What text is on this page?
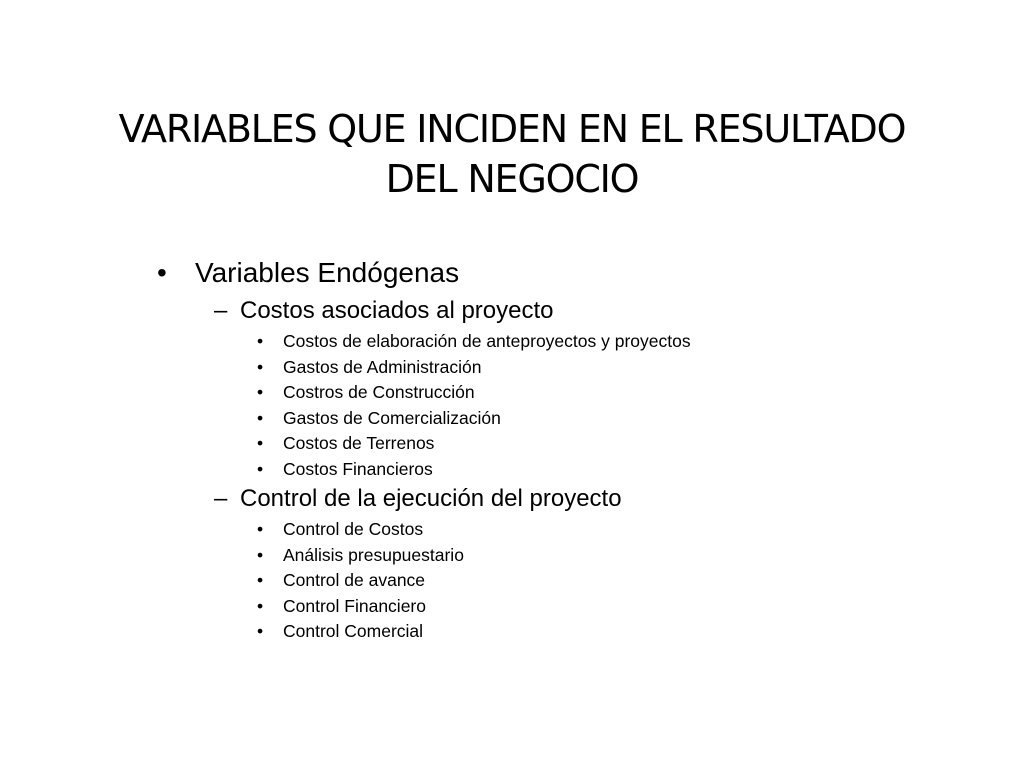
VARIABLES QUE INCIDEN EN EL RESULTADO
DEL NEGOCIO
• Variables Endógenas
– Costos asociados al proyecto
• Costos de elaboración de anteproyectos y proyectos
• Gastos de Administración
• Costros de Construcción
• Gastos de Comercialización
• Costos de Terrenos
• Costos Financieros
– Control de la ejecución del proyecto
• Control de Costos
• Análisis presupuestario
• Control de avance
• Control Financiero
• Control Comercial
